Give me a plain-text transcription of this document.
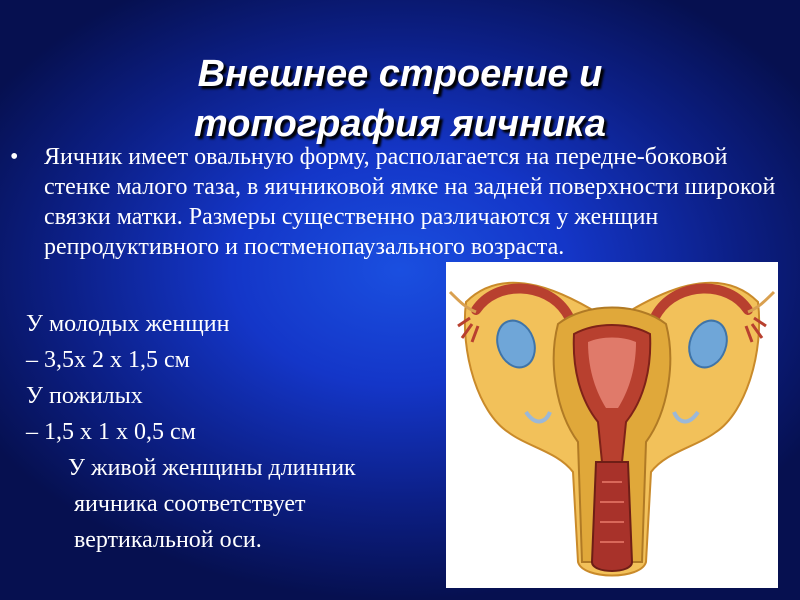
Внешнее строение и
топография яичника
• Яичник имеет овальную форму, располагается на передне-боковой стенке малого таза, в яичниковой ямке на задней поверхности широкой связки матки. Размеры существенно различаются у женщин репродуктивного и постменопаузального возраста.
У молодых женщин
– 3,5х 2 х 1,5 см
У пожилых
– 1,5 х 1 х 0,5 см
У живой женщины длинник
яичника соответствует
вертикальной оси.
